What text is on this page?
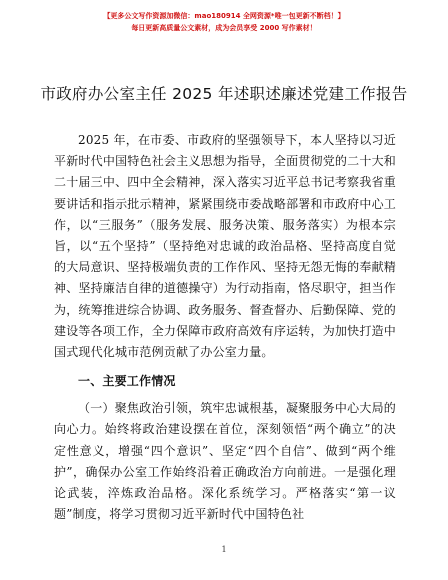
【更多公文写作资源加微信：mao180914 全网资源*唯一包更新不断档！】
每日更新高质量公文素材，成为会员享受 2000 写作素材！
市政府办公室主任 2025 年述职述廉述党建工作报告

2025 年，在市委、市政府的坚强领导下，本人坚持以习近平新时代中国特色社会主义思想为指导，全面贯彻党的二十大和二十届三中、四中全会精神，深入落实习近平总书记考察我省重要讲话和指示批示精神，紧紧围绕市委战略部署和市政府中心工作，以“三服务”（服务发展、服务决策、服务落实）为根本宗旨，以“五个坚持”（坚持绝对忠诚的政治品格、坚持高度自觉的大局意识、坚持极端负责的工作作风、坚持无怨无悔的奉献精神、坚持廉洁自律的道德操守）为行动指南，恪尽职守，担当作为，统筹推进综合协调、政务服务、督查督办、后勤保障、党的建设等各项工作，全力保障市政府高效有序运转，为加快打造中国式现代化城市范例贡献了办公室力量。

一、主要工作情况

（一）聚焦政治引领，筑牢忠诚根基，凝聚服务中心大局的向心力。始终将政治建设摆在首位，深刻领悟“两个确立”的决定性意义，增强“四个意识”、坚定“四个自信”、做到“两个维护”，确保办公室工作始终沿着正确政治方向前进。一是强化理论武装，淬炼政治品格。深化系统学习。严格落实“第一议题”制度，将学习贯彻习近平新时代中国特色社

1
